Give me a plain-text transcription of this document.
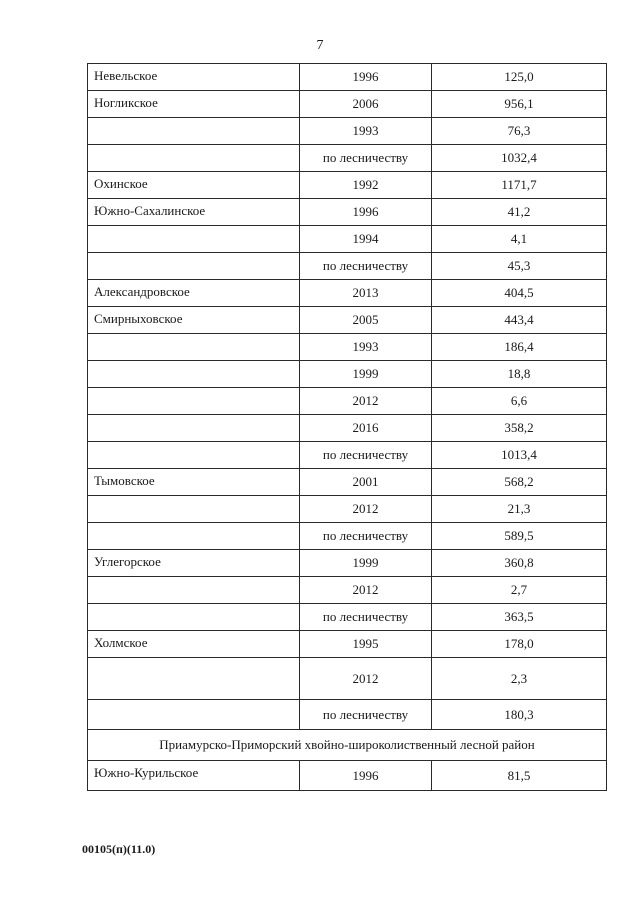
7
Невельское	1996	125,0
Ногликское	2006	956,1
	1993	76,3
	по лесничеству	1032,4
Охинское	1992	1171,7
Южно-Сахалинское	1996	41,2
	1994	4,1
	по лесничеству	45,3
Александровское	2013	404,5
Смирныховское	2005	443,4
	1993	186,4
	1999	18,8
	2012	6,6
	2016	358,2
	по лесничеству	1013,4
Тымовское	2001	568,2
	2012	21,3
	по лесничеству	589,5
Углегорское	1999	360,8
	2012	2,7
	по лесничеству	363,5
Холмское	1995	178,0
	2012	2,3
	по лесничеству	180,3
Приамурско-Приморский хвойно-широколиственный лесной район		
Южно-Курильское	1996	81,5
00105(п)(11.0)
